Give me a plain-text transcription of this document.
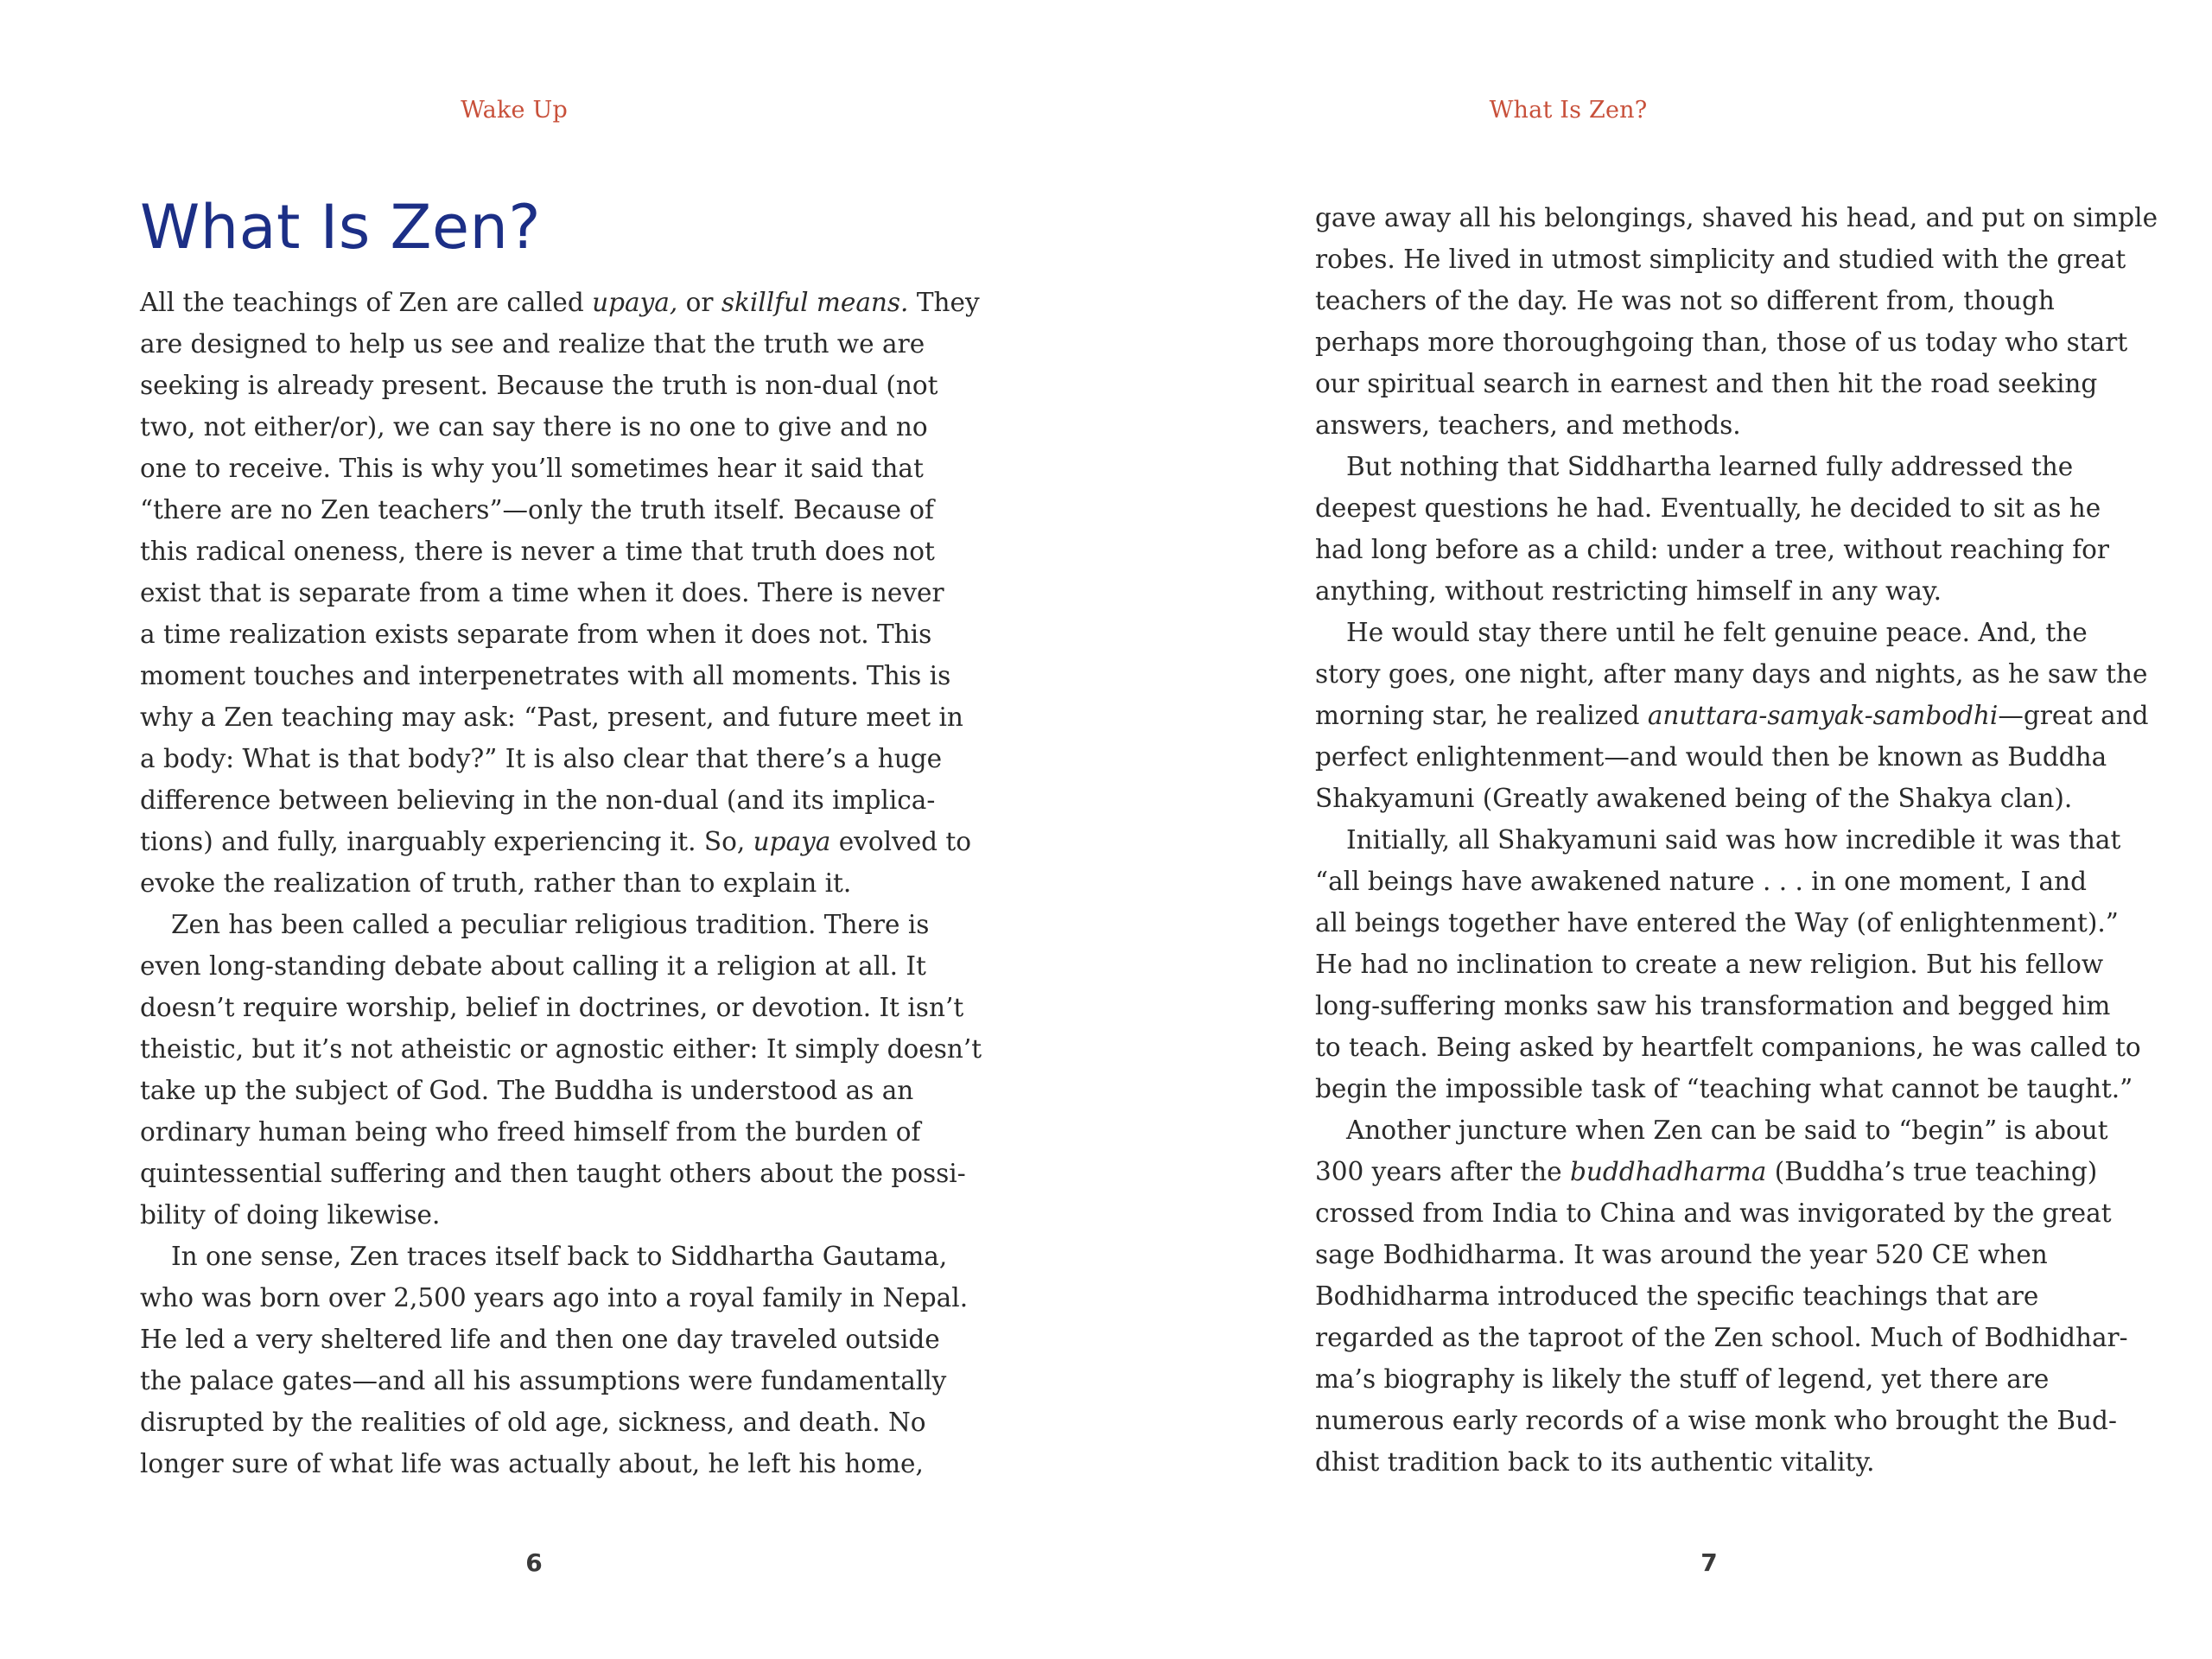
Wake Up
What Is Zen?
All the teachings of Zen are called upaya, or skillful means. They
are designed to help us see and realize that the truth we are
seeking is already present. Because the truth is non-dual (not
two, not either/or), we can say there is no one to give and no
one to receive. This is why you’ll sometimes hear it said that
“there are no Zen teachers”—only the truth itself. Because of
this radical oneness, there is never a time that truth does not
exist that is separate from a time when it does. There is never
a time realization exists separate from when it does not. This
moment touches and interpenetrates with all moments. This is
why a Zen teaching may ask: “Past, present, and future meet in
a body: What is that body?” It is also clear that there’s a huge
difference between believing in the non-dual (and its implica-
tions) and fully, inarguably experiencing it. So, upaya evolved to
evoke the realization of truth, rather than to explain it.
Zen has been called a peculiar religious tradition. There is
even long-standing debate about calling it a religion at all. It
doesn’t require worship, belief in doctrines, or devotion. It isn’t
theistic, but it’s not atheistic or agnostic either: It simply doesn’t
take up the subject of God. The Buddha is understood as an
ordinary human being who freed himself from the burden of
quintessential suffering and then taught others about the possi-
bility of doing likewise.
In one sense, Zen traces itself back to Siddhartha Gautama,
who was born over 2,500 years ago into a royal family in Nepal.
He led a very sheltered life and then one day traveled outside
the palace gates—and all his assumptions were fundamentally
disrupted by the realities of old age, sickness, and death. No
longer sure of what life was actually about, he left his home,
6
What Is Zen?
gave away all his belongings, shaved his head, and put on simple
robes. He lived in utmost simplicity and studied with the great
teachers of the day. He was not so different from, though
perhaps more thoroughgoing than, those of us today who start
our spiritual search in earnest and then hit the road seeking
answers, teachers, and methods.
But nothing that Siddhartha learned fully addressed the
deepest questions he had. Eventually, he decided to sit as he
had long before as a child: under a tree, without reaching for
anything, without restricting himself in any way.
He would stay there until he felt genuine peace. And, the
story goes, one night, after many days and nights, as he saw the
morning star, he realized anuttara-samyak-sambodhi—great and
perfect enlightenment—and would then be known as Buddha
Shakyamuni (Greatly awakened being of the Shakya clan).
Initially, all Shakyamuni said was how incredible it was that
“all beings have awakened nature . . . in one moment, I and
all beings together have entered the Way (of enlightenment).”
He had no inclination to create a new religion. But his fellow
long-suffering monks saw his transformation and begged him
to teach. Being asked by heartfelt companions, he was called to
begin the impossible task of “teaching what cannot be taught.”
Another juncture when Zen can be said to “begin” is about
300 years after the buddhadharma (Buddha’s true teaching)
crossed from India to China and was invigorated by the great
sage Bodhidharma. It was around the year 520 CE when
Bodhidharma introduced the specific teachings that are
regarded as the taproot of the Zen school. Much of Bodhidhar-
ma’s biography is likely the stuff of legend, yet there are
numerous early records of a wise monk who brought the Bud-
dhist tradition back to its authentic vitality.
7
